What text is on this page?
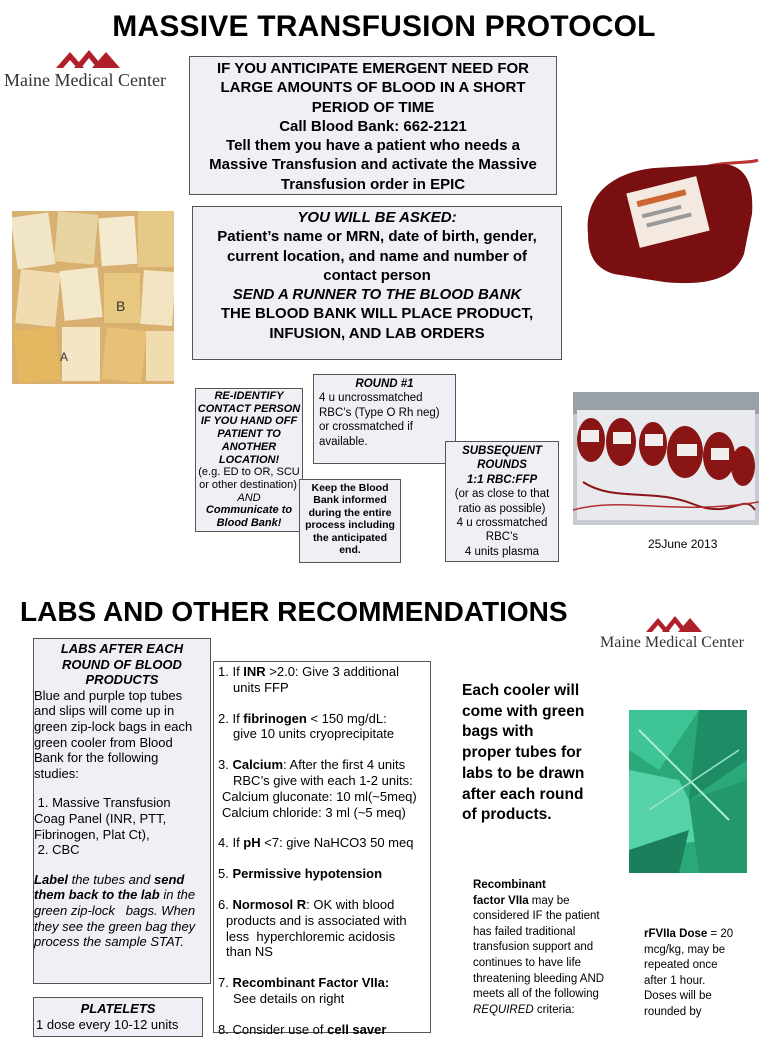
MASSIVE TRANSFUSION PROTOCOL
Maine Medical Center
IF YOU ANTICIPATE EMERGENT NEED FOR
LARGE AMOUNTS OF BLOOD IN A SHORT
PERIOD OF TIME
Call Blood Bank: 662-2121
Tell them you have a patient who needs a
Massive Transfusion and activate the Massive
Transfusion order in EPIC
B
A
YOU WILL BE ASKED:
Patient’s name or MRN, date of birth, gender,
current location, and name and number of
contact person
SEND A RUNNER TO THE BLOOD BANK
THE BLOOD BANK WILL PLACE PRODUCT,
INFUSION, AND LAB ORDERS
RE-IDENTIFY
CONTACT PERSON
IF YOU HAND OFF
PATIENT TO
ANOTHER
LOCATION!
(e.g. ED to OR, SCU
or other destination)
AND
Communicate to
Blood Bank!
ROUND #1
4 u uncrossmatched
RBC’s (Type O Rh neg)
or crossmatched if
available.
Keep the Blood
Bank informed
during the entire
process including
the anticipated
end.
SUBSEQUENT
ROUNDS
1:1 RBC:FFP
(or as close to that
ratio as possible)
4 u crossmatched
RBC’s
4 units plasma
25June 2013
LABS AND OTHER RECOMMENDATIONS
Maine Medical Center
LABS AFTER EACH
ROUND OF BLOOD
PRODUCTS
Blue and purple top tubes
and slips will come up in
green zip-lock bags in each
green cooler from Blood
Bank for the following
studies:
1. Massive Transfusion
Coag Panel (INR, PTT,
Fibrinogen, Plat Ct),
2. CBC
Label the tubes and send
them back to the lab in the
green zip-lock   bags. When
they see the green bag they
process the sample STAT.
1. If INR >2.0: Give 3 additional
units FFP
2. If fibrinogen < 150 mg/dL:
give 10 units cryoprecipitate
3. Calcium: After the first 4 units
RBC’s give with each 1-2 units:
Calcium gluconate: 10 ml(~5meq)
Calcium chloride: 3 ml (~5 meq)
4. If pH <7: give NaHCO3 50 meq
5. Permissive hypotension
6. Normosol R: OK with blood
products and is associated with
less  hyperchloremic acidosis
than NS
7. Recombinant Factor VIIa:
See details on right
8. Consider use of cell saver
Each cooler will
come with green
bags with
proper tubes for
labs to be drawn
after each round
of products.
Recombinant
factor VIIa may be
considered IF the patient
has failed traditional
transfusion support and
continues to have life
threatening bleeding AND
meets all of the following
REQUIRED criteria:
rFVIIa Dose = 20
mcg/kg, may be
repeated once
after 1 hour.
Doses will be
rounded by
PLATELETS
1 dose every 10-12 units
